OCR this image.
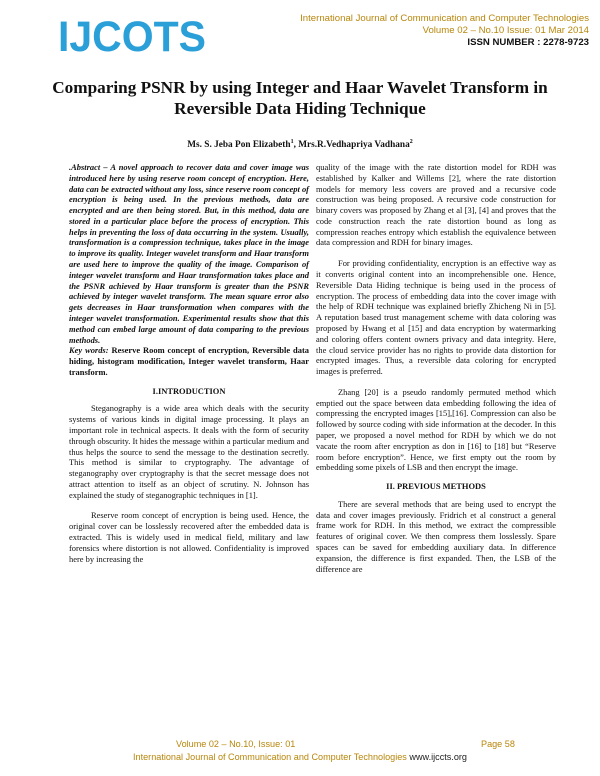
IJCOTS	International Journal of Communication and Computer Technologies
Volume 02 – No.10 Issue: 01 Mar 2014
ISSN NUMBER : 2278-9723
Comparing PSNR by using Integer and Haar Wavelet Transform in Reversible Data Hiding Technique
Ms. S. Jeba Pon Elizabeth$^1$, Mrs.R.Vedhapriya Vadhana$^2$

.Abstract – A novel approach to recover data and cover image was introduced here by using reserve room concept of encryption. Here, data can be extracted without any loss, since reserve room concept of encryption is being used. In the previous methods, data are encrypted and are then being stored. But, in this method, data are stored in a particular place before the process of encryption. This helps in preventing the loss of data occurring in the system. Usually, transformation is a compression technique, takes place in the image to improve its quality. Integer wavelet transform and Haar transform are used here to improve the quality of the image. Comparison of integer wavelet transform and Haar transformation takes place and the PSNR achieved by Haar transform is greater than the PSNR achieved by integer wavelet transform. The mean square error also gets decreases in Haar transformation when compares with the integer wavelet transformation. Experimental results show that this method can embed large amount of data comparing to the previous methods.

Key words: Reserve Room concept of encryption, Reversible data hiding, histogram modification, Integer wavelet transform, Haar transform.

I.INTRODUCTION

Steganography is a wide area which deals with the security systems of various kinds in digital image processing. It plays an important role in technical aspects. It deals with the form of security through obscurity. It hides the message within a particular medium and thus helps the source to send the message to the destination secretly. This method is similar to cryptography. The advantage of steganography over cryptography is that the secret message does not attract attention to itself as an object of scrutiny. N. Johnson has explained the study of steganographic techniques in [1].

Reserve room concept of encryption is being used. Hence, the original cover can be losslessly recovered after the embedded data is extracted. This is widely used in medical field, military and law forensics where distortion is not allowed. Confidentiality is improved here by increasing the

quality of the image with the rate distortion model for RDH was established by Kalker and Willems [2], where the rate distortion models for memory less covers are proved and a recursive code construction was being proposed. A recursive code construction for binary covers was proposed by Zhang et al [3], [4] and proves that the code construction reach the rate distortion bound as long as compression reaches entropy which establish the equivalence between data compression and RDH for binary images.

For providing confidentiality, encryption is an effective way as it converts original content into an incomprehensible one. Hence, Reversible Data Hiding technique is being used in the process of encryption. The process of embedding data into the cover image with the help of RDH technique was explained briefly Zhicheng Ni in [5]. A reputation based trust management scheme with data coloring was proposed by Hwang et al [15] and data encryption by watermarking and coloring offers content owners privacy and data integrity. Here, the cloud service provider has no rights to provide data distortion for encrypted images. Thus, a reversible data coloring for encrypted images is preferred.

Zhang [20] is a pseudo randomly permuted method which emptied out the space between data embedding following the idea of compressing the encrypted images [15],[16]. Compression can also be followed by source coding with side information at the decoder. In this paper, we proposed a novel method for RDH by which we do not vacate the room after encryption as don in [16] to [18] but “Reserve room before encryption”. Hence, we first empty out the room by embedding some pixels of LSB and then encrypt the image.

II. PREVIOUS METHODS

There are several methods that are being used to encrypt the data and cover images previously. Fridrich et al construct a general frame work for RDH. In this method, we extract the compressible features of original cover. We then compress them losslessly. Spare spaces can be saved for embedding auxiliary data. In difference expansion, the difference is first expanded. Then, the LSB of the difference are

Volume 02 – No.10, Issue: 01	Page 58
International Journal of Communication and Computer Technologies www.ijccts.org
